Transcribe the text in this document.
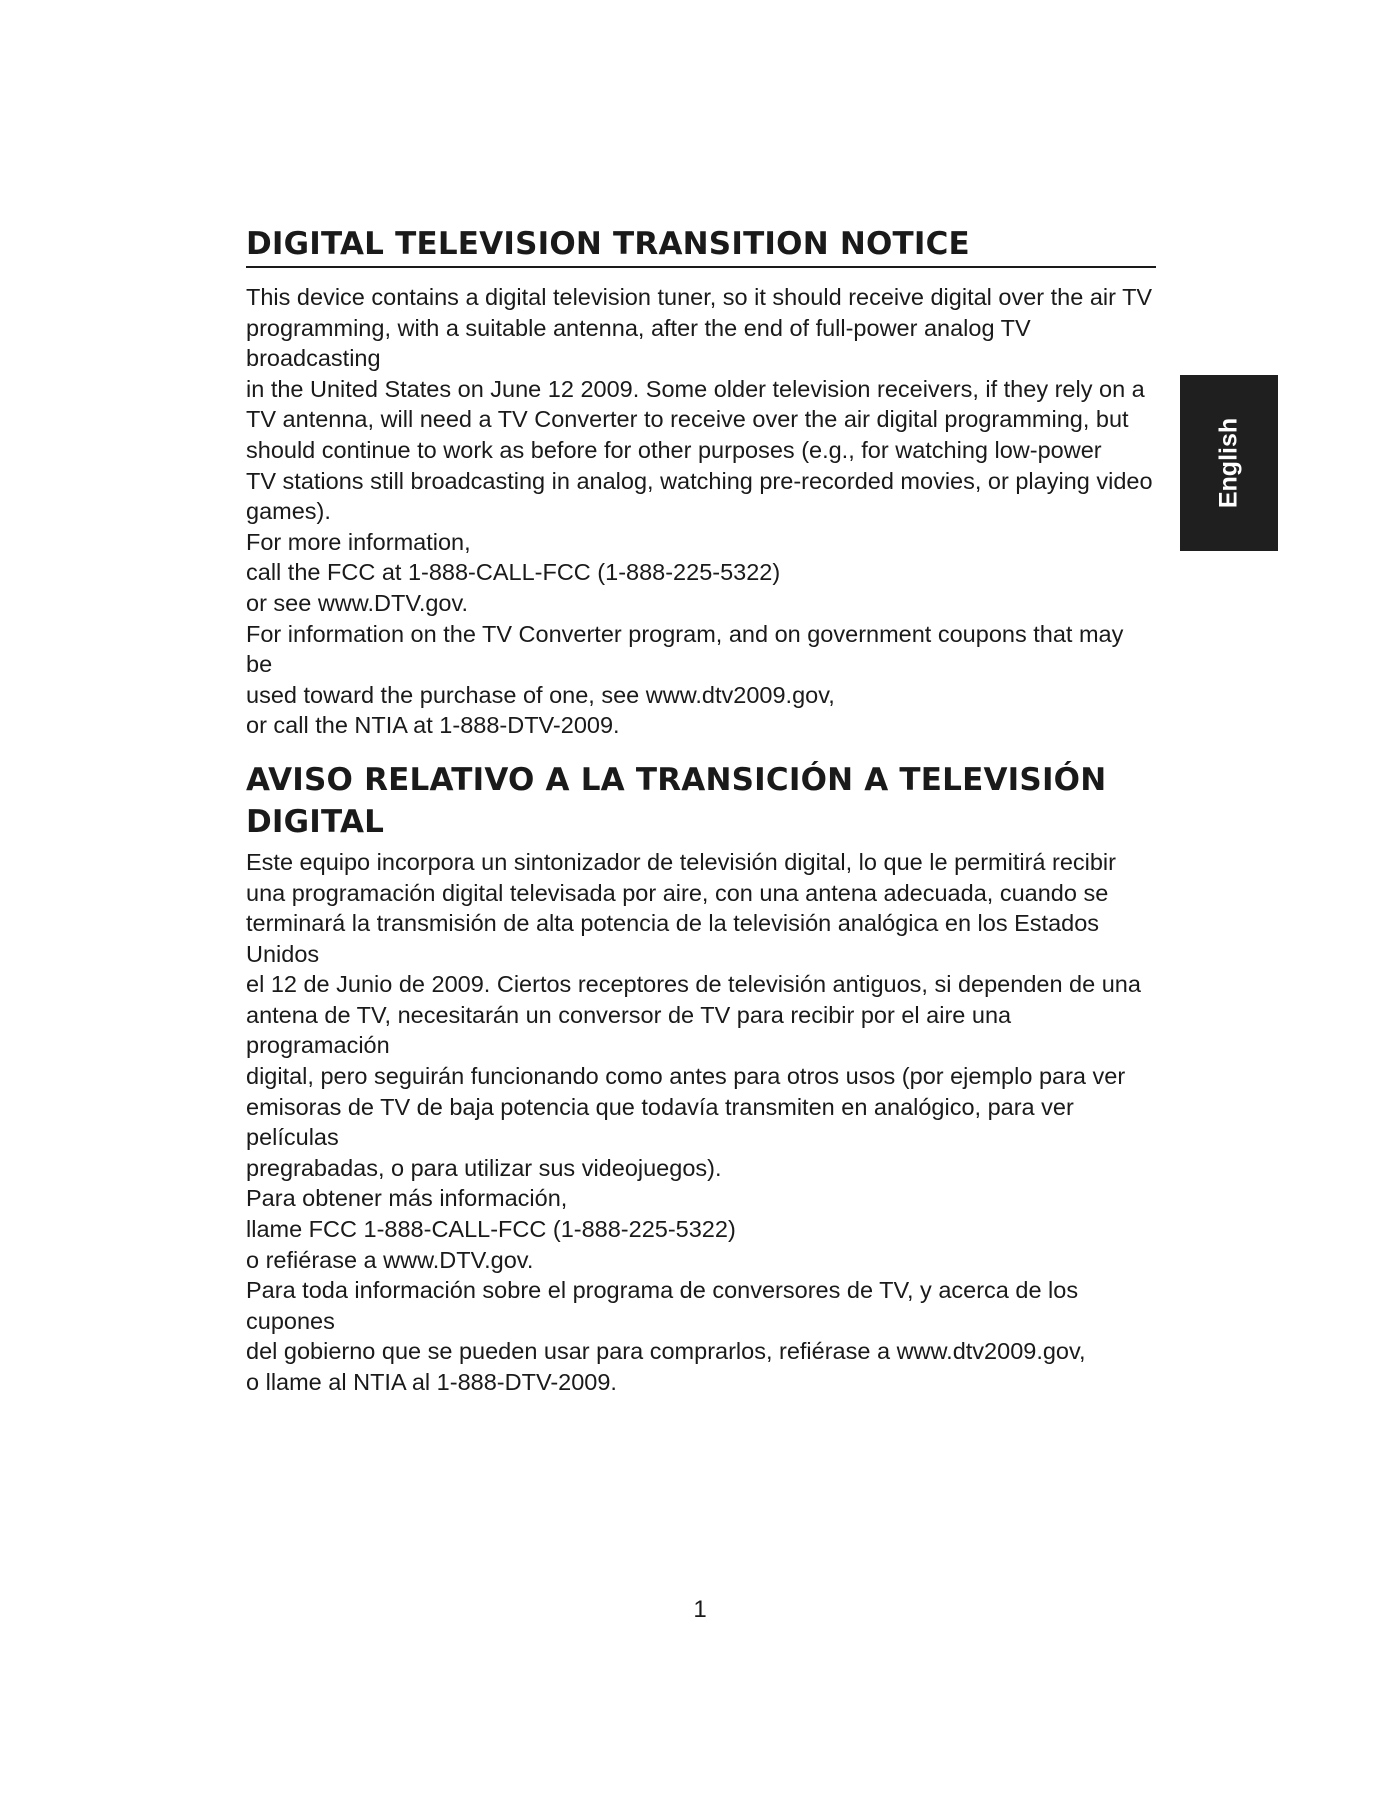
DIGITAL TELEVISION TRANSITION NOTICE

This device contains a digital television tuner, so it should receive digital over the air TV

programming, with a suitable antenna, after the end of full-power analog TV broadcasting

in the United States on June 12 2009. Some older television receivers, if they rely on a

TV antenna, will need a TV Converter to receive over the air digital programming, but

should continue to work as before for other purposes (e.g., for watching low-power

TV stations still broadcasting in analog, watching pre-recorded movies, or playing video

games).

For more information,

call the FCC at 1-888-CALL-FCC (1-888-225-5322)

or see www.DTV.gov.

For information on the TV Converter program, and on government coupons that may be

used toward the purchase of one, see www.dtv2009.gov,

or call the NTIA at 1-888-DTV-2009.

AVISO RELATIVO A LA TRANSICIÓN A TELEVISIÓN
DIGITAL

Este equipo incorpora un sintonizador de televisión digital, lo que le permitirá recibir

una programación digital televisada por aire, con una antena adecuada, cuando se

terminará la transmisión de alta potencia de la televisión analógica en los Estados Unidos

el 12 de Junio de 2009. Ciertos receptores de televisión antiguos, si dependen de una

antena de TV, necesitarán un conversor de TV para recibir por el aire una programación

digital, pero seguirán funcionando como antes para otros usos (por ejemplo para ver

emisoras de TV de baja potencia que todavía transmiten en analógico, para ver películas

pregrabadas, o para utilizar sus videojuegos).

Para obtener más información,

llame FCC 1-888-CALL-FCC (1-888-225-5322)

o refiérase a www.DTV.gov.

Para toda información sobre el programa de conversores de TV, y acerca de los cupones

del gobierno que se pueden usar para comprarlos, refiérase a www.dtv2009.gov,

o llame al NTIA al 1-888-DTV-2009.

English
1
